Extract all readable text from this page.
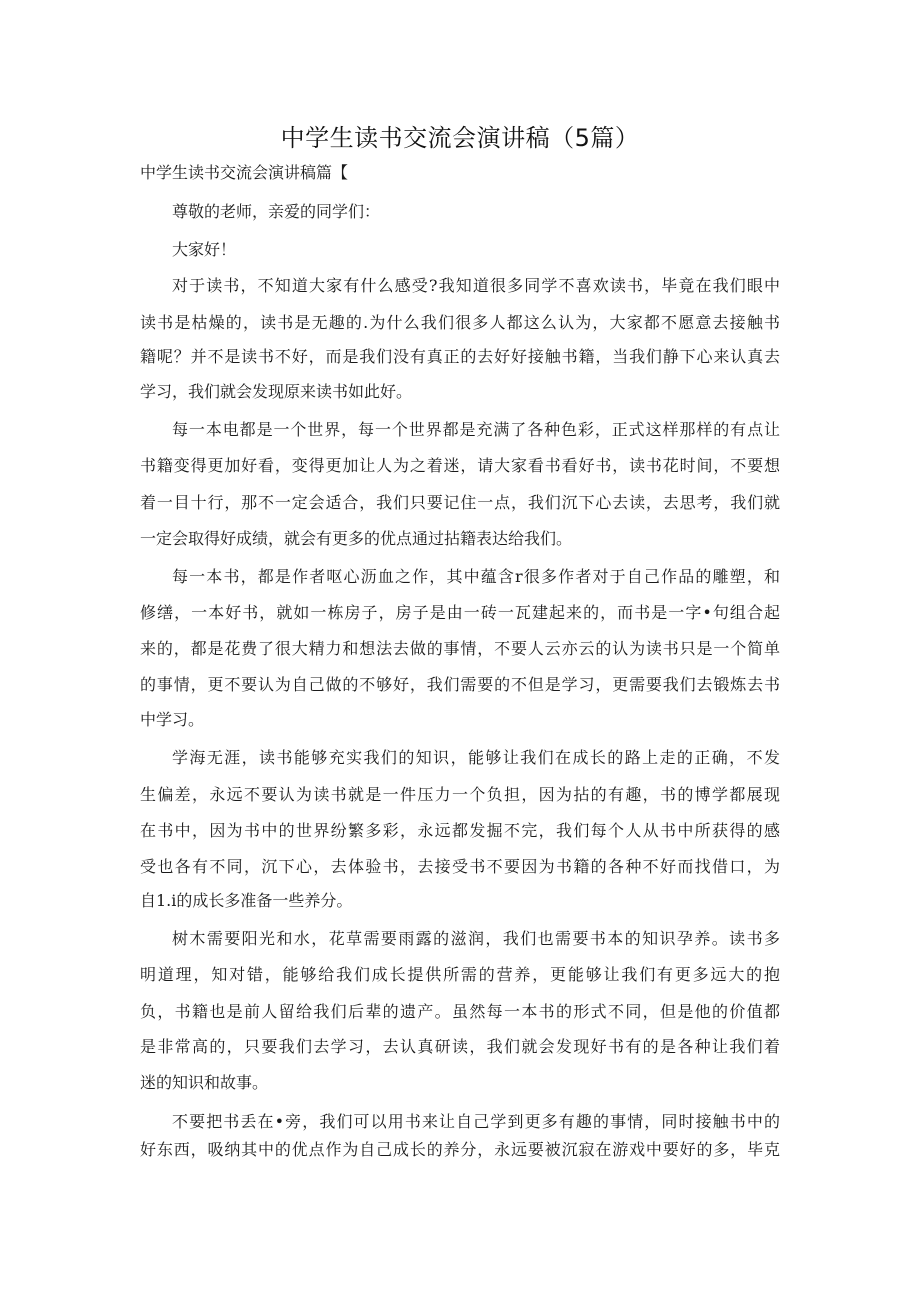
中学生读书交流会演讲稿（5篇）
中学生读书交流会演讲稿篇【
尊敬的老师，亲爱的同学们：
大家好！
对于读书，不知道大家有什么感受?我知道很多同学不喜欢读书，毕竟在我们眼中
读书是枯燥的，读书是无趣的.为什么我们很多人都这么认为，大家都不愿意去接触书
籍呢？并不是读书不好，而是我们没有真正的去好好接触书籍，当我们静下心来认真去
学习，我们就会发现原来读书如此好。
每一本电都是一个世界，每一个世界都是充满了各种色彩，正式这样那样的有点让
书籍变得更加好看，变得更加让人为之着迷，请大家看书看好书，读书花时间，不要想
着一目十行，那不一定会适合，我们只要记住一点，我们沉下心去读，去思考，我们就
一定会取得好成绩，就会有更多的优点通过拈籍表达给我们。
每一本书，都是作者呕心沥血之作，其中蕴含r很多作者对于自己作品的雕塑，和
修缮，一本好书，就如一栋房子，房子是由一砖一瓦建起来的，而书是一字•句组合起
来的，都是花费了很大精力和想法去做的事情，不要人云亦云的认为读书只是一个简单
的事情，更不要认为自己做的不够好，我们需要的不但是学习，更需要我们去锻炼去书
中学习。
学海无涯，读书能够充实我们的知识，能够让我们在成长的路上走的正确，不发
生偏差，永远不要认为读书就是一件压力一个负担，因为拈的有趣，书的博学都展现
在书中，因为书中的世界纷繁多彩，永远都发掘不完，我们每个人从书中所获得的感
受也各有不同，沉下心，去体验书，去接受书不要因为书籍的各种不好而找借口，为
自1.i的成长多准备一些养分。
树木需要阳光和水，花草需要雨露的滋润，我们也需要书本的知识孕养。读书多
明道理，知对错，能够给我们成长提供所需的营养，更能够让我们有更多远大的抱
负，书籍也是前人留给我们后辈的遗产。虽然每一本书的形式不同，但是他的价值都
是非常高的，只要我们去学习，去认真研读，我们就会发现好书有的是各种让我们着
迷的知识和故事。
不要把书丢在•旁，我们可以用书来让自己学到更多有趣的事情，同时接触书中的
好东西，吸纳其中的优点作为自己成长的养分，永远要被沉寂在游戏中要好的多，毕克
